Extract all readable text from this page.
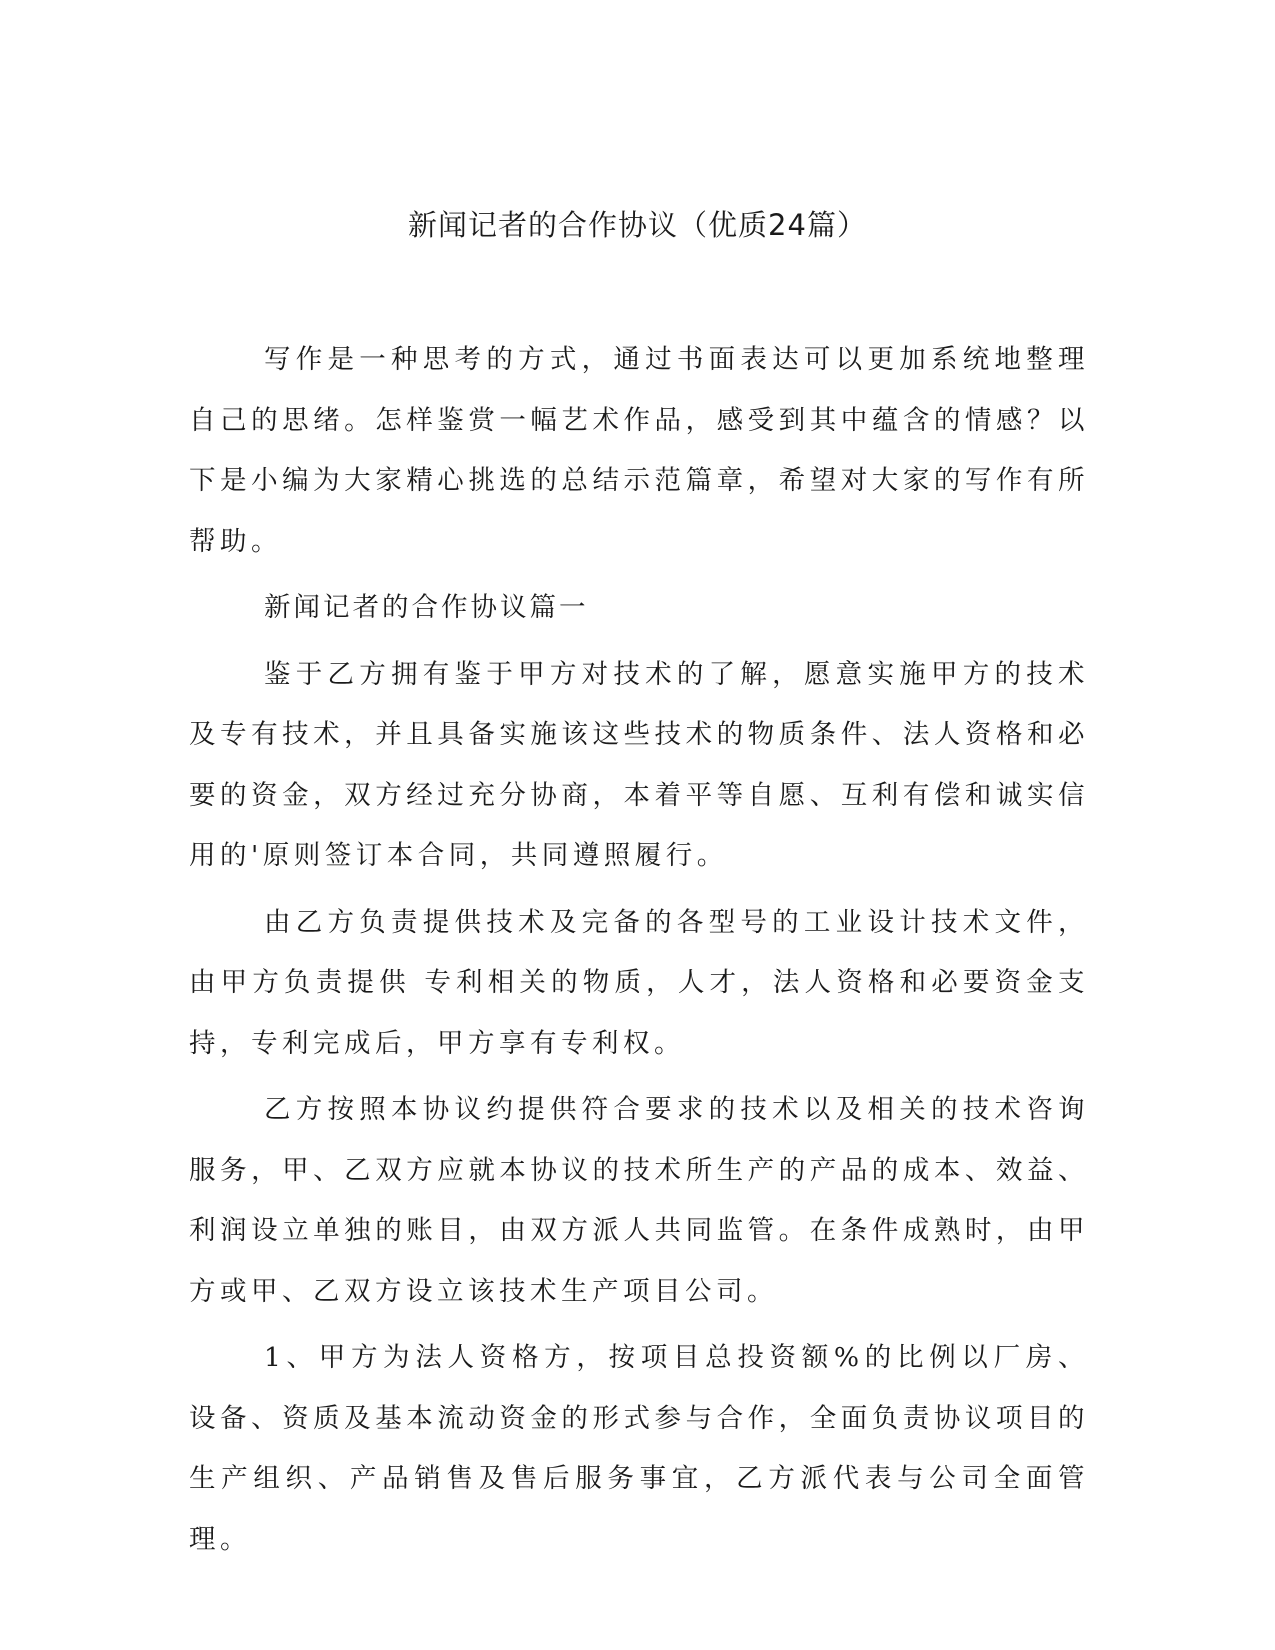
新闻记者的合作协议（优质24篇）

写作是一种思考的方式，通过书面表达可以更加系统地整理自己的思绪。怎样鉴赏一幅艺术作品，感受到其中蕴含的情感？以下是小编为大家精心挑选的总结示范篇章，希望对大家的写作有所帮助。

新闻记者的合作协议篇一

鉴于乙方拥有鉴于甲方对技术的了解，愿意实施甲方的技术及专有技术，并且具备实施该这些技术的物质条件、法人资格和必要的资金，双方经过充分协商，本着平等自愿、互利有偿和诚实信用的'原则签订本合同，共同遵照履行。

由乙方负责提供技术及完备的各型号的工业设计技术文件，由甲方负责提供 专利相关的物质，人才，法人资格和必要资金支持，专利完成后，甲方享有专利权。

乙方按照本协议约提供符合要求的技术以及相关的技术咨询服务，甲、乙双方应就本协议的技术所生产的产品的成本、效益、利润设立单独的账目，由双方派人共同监管。在条件成熟时，由甲方或甲、乙双方设立该技术生产项目公司。

1、甲方为法人资格方，按项目总投资额%的比例以厂房、设备、资质及基本流动资金的形式参与合作，全面负责协议项目的生产组织、产品销售及售后服务事宜，乙方派代表与公司全面管理。
